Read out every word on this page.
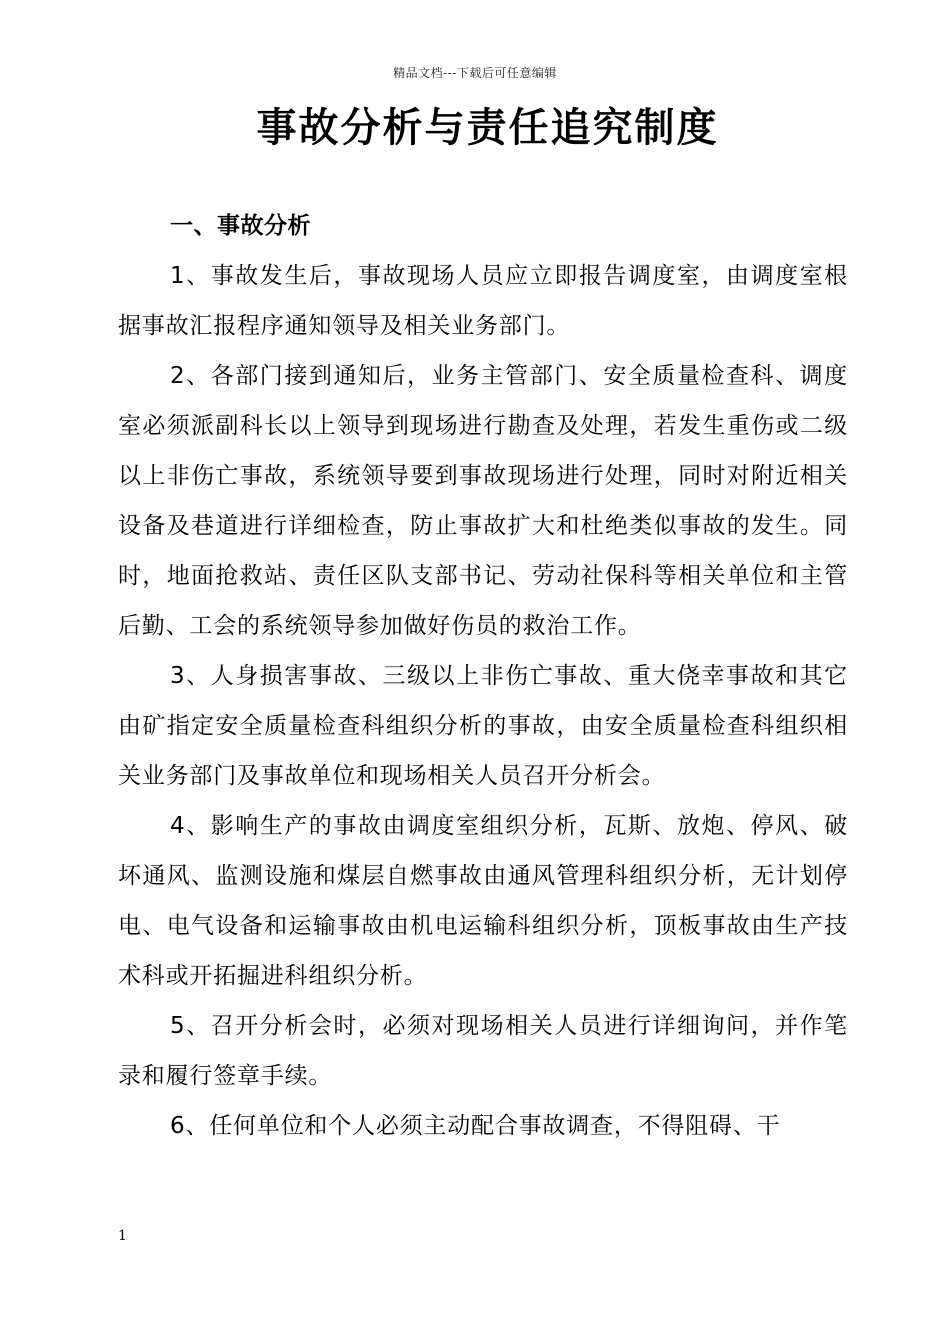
精品文档---下载后可任意编辑
事故分析与责任追究制度

一、事故分析

1、事故发生后，事故现场人员应立即报告调度室，由调度室根据事故汇报程序通知领导及相关业务部门。

2、各部门接到通知后，业务主管部门、安全质量检查科、调度室必须派副科长以上领导到现场进行勘查及处理，若发生重伤或二级以上非伤亡事故，系统领导要到事故现场进行处理，同时对附近相关设备及巷道进行详细检查，防止事故扩大和杜绝类似事故的发生。同时，地面抢救站、责任区队支部书记、劳动社保科等相关单位和主管后勤、工会的系统领导参加做好伤员的救治工作。

3、人身损害事故、三级以上非伤亡事故、重大侥幸事故和其它由矿指定安全质量检查科组织分析的事故，由安全质量检查科组织相关业务部门及事故单位和现场相关人员召开分析会。

4、影响生产的事故由调度室组织分析，瓦斯、放炮、停风、破坏通风、监测设施和煤层自燃事故由通风管理科组织分析，无计划停电、电气设备和运输事故由机电运输科组织分析，顶板事故由生产技术科或开拓掘进科组织分析。

5、召开分析会时，必须对现场相关人员进行详细询问，并作笔录和履行签章手续。

6、任何单位和个人必须主动配合事故调查，不得阻碍、干

1
